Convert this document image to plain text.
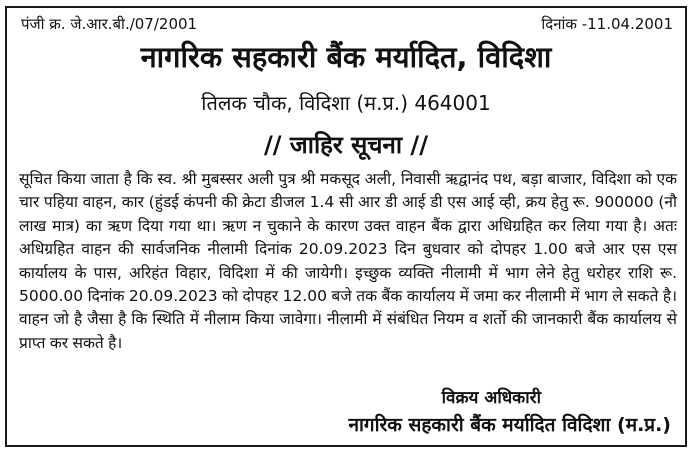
पंजी क्र. जे.आर.बी./07/2001	दिनांक -11.04.2001
नागरिक सहकारी बैंक मर्यादित, विदिशा
तिलक चौक, विदिशा (म.प्र.) 464001
// जाहिर सूचना //
सूचित किया जाता है कि स्व. श्री मुबस्सर अली पुत्र श्री मकसूद अली, निवासी ऋद्वानंद पथ, बड़ा बाजार, विदिशा को एक चार पहिया वाहन, कार (हुंडई कंपनी की क्रेटा डीजल 1.4 सी आर डी आई डी एस आई व्ही, क्रय हेतु रू. 900000 (नौ लाख मात्र) का ऋण दिया गया था। ऋण न चुकाने के कारण उक्त वाहन बैंक द्वारा अधिग्रहित कर लिया गया है। अतः अधिग्रहित वाहन की सार्वजनिक नीलामी दिनांक 20.09.2023 दिन बुधवार को दोपहर 1.00 बजे आर एस एस कार्यालय के पास, अरिहंत विहार, विदिशा में की जायेगी। इच्छुक व्यक्ति नीलामी में भाग लेने हेतु धरोहर राशि रू. 5000.00 दिनांक 20.09.2023 को दोपहर 12.00 बजे तक बैंक कार्यालय में जमा कर नीलामी में भाग ले सकते है। वाहन जो है जैसा है कि स्थिति में नीलाम किया जावेगा। नीलामी में संबंधित नियम व शर्तो की जानकारी बैंक कार्यालय से प्राप्त कर सकते है।
विक्रय अधिकारी
नागरिक सहकारी बैंक मर्यादित विदिशा (म.प्र.)
